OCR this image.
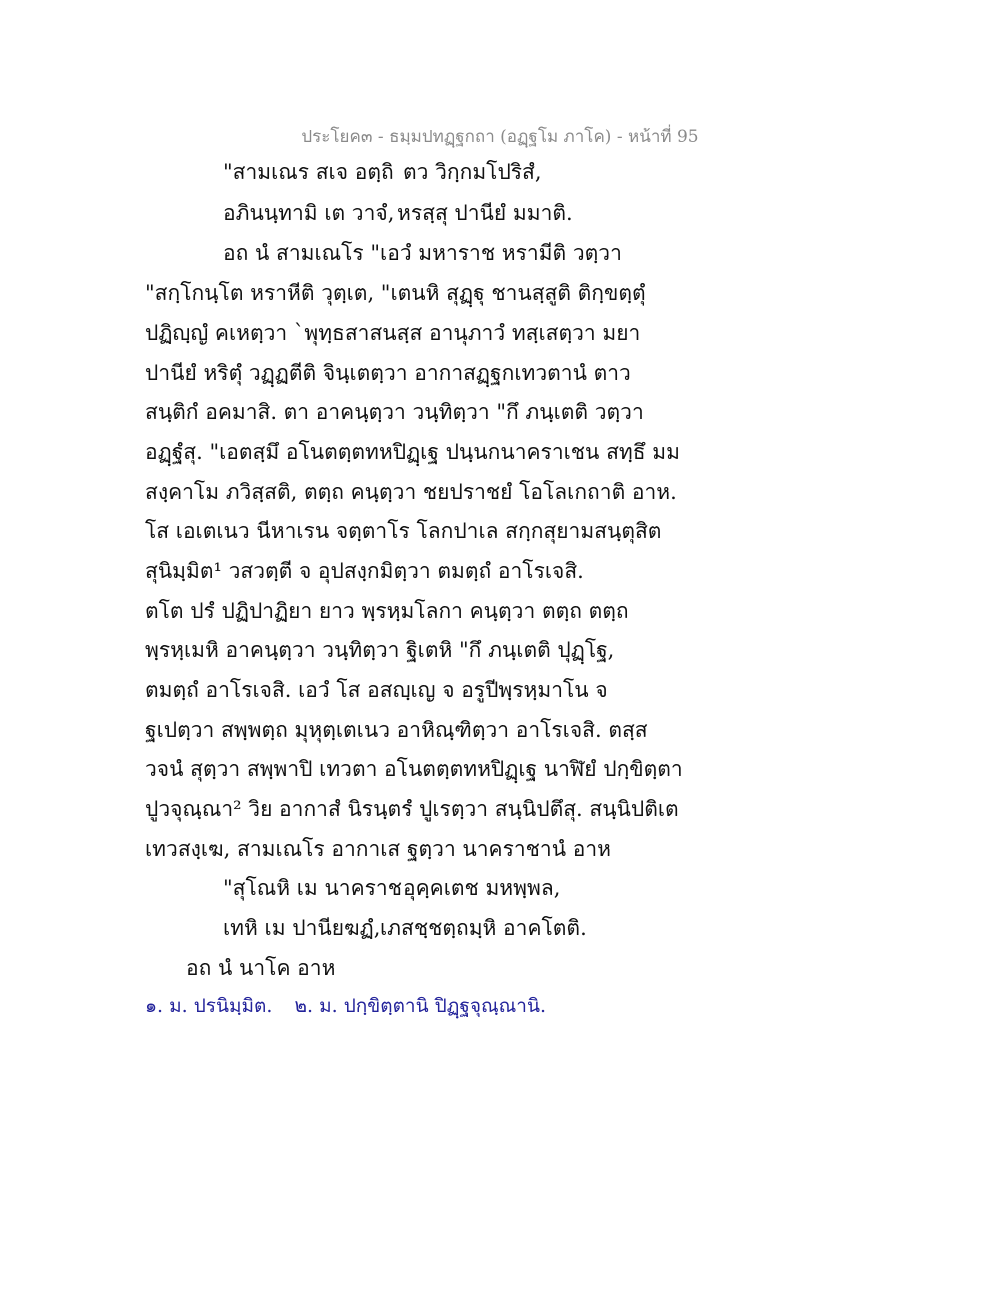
ประโยค๓ - ธมฺมปทฏฺฐกถา (อฏฺฐโม ภาโค) - หน้าที่ 95
"สามเณร สเจ อตฺถิ ตว วิกฺกมโปริสํ,
อภินนฺทามิ เต วาจํ, หรสฺสุ ปานียํ มมาติ.
อถ นํ สามเณโร "เอวํ มหาราช หรามีติ วตฺวา
"สกฺโกนฺโต หราหีติ วุตฺเต, "เตนหิ สุฏฺฐุ ชานสฺสูติ ติกฺขตฺตุํ
ปฏิญฺญํ คเหตฺวา `พุทฺธสาสนสฺส อานุภาวํ ทสฺเสตฺวา มยา
ปานียํ หริตุํ วฏฺฏตีติ จินฺเตตฺวา อากาสฏฺฐกเทวตานํ ตาว
สนฺติกํ อคมาสิ. ตา อาคนฺตฺวา วนฺทิตฺวา "กึ ภนฺเตติ วตฺวา
อฏฺฐํสุ. "เอตสฺมึ อโนตตฺตทหปิฏฺเฐ ปนฺนกนาคราเชน สทฺธึ มม
สงฺคาโม ภวิสฺสติ, ตตฺถ คนฺตฺวา ชยปราชยํ โอโลเกถาติ อาห.
โส เอเตเนว นีหาเรน จตฺตาโร โลกปาเล สกฺกสุยามสนฺตุสิต
สุนิมฺมิต¹ วสวตฺตี จ อุปสงฺกมิตฺวา ตมตฺถํ อาโรเจสิ.
ตโต ปรํ ปฏิปาฏิยา ยาว พฺรหฺมโลกา คนฺตฺวา ตตฺถ ตตฺถ
พฺรหฺเมหิ อาคนฺตฺวา วนฺทิตฺวา ฐิเตหิ "กึ ภนฺเตติ ปุฏฺโฐ,
ตมตฺถํ อาโรเจสิ. เอวํ โส อสญฺเญ จ อรูปีพฺรหฺมาโน จ
ฐเปตฺวา สพฺพตฺถ มุหุตฺเตเนว อาหิณฺฑิตฺวา อาโรเจสิ. ตสฺส
วจนํ สุตฺวา สพฺพาปิ เทวตา อโนตตฺตทหปิฏฺเฐ นาฬิยํ ปกฺขิตฺตา
ปูวจุณฺณา² วิย อากาสํ นิรนฺตรํ ปูเรตฺวา สนฺนิปตึสุ. สนฺนิปติเต
เทวสงฺเฆ, สามเณโร อากาเส ฐตฺวา นาคราชานํ อาห
"สุโณหิ เม นาคราช อุคฺคเตช มหพฺพล,
เทหิ เม ปานียฆฏํ, เภสชฺชตฺถมฺหิ อาคโตติ.
อถ นํ นาโค อาห
๑. ม. ปรนิมฺมิต. ๒. ม. ปกฺขิตฺตานิ ปิฏฺฐจุณฺณานิ.
